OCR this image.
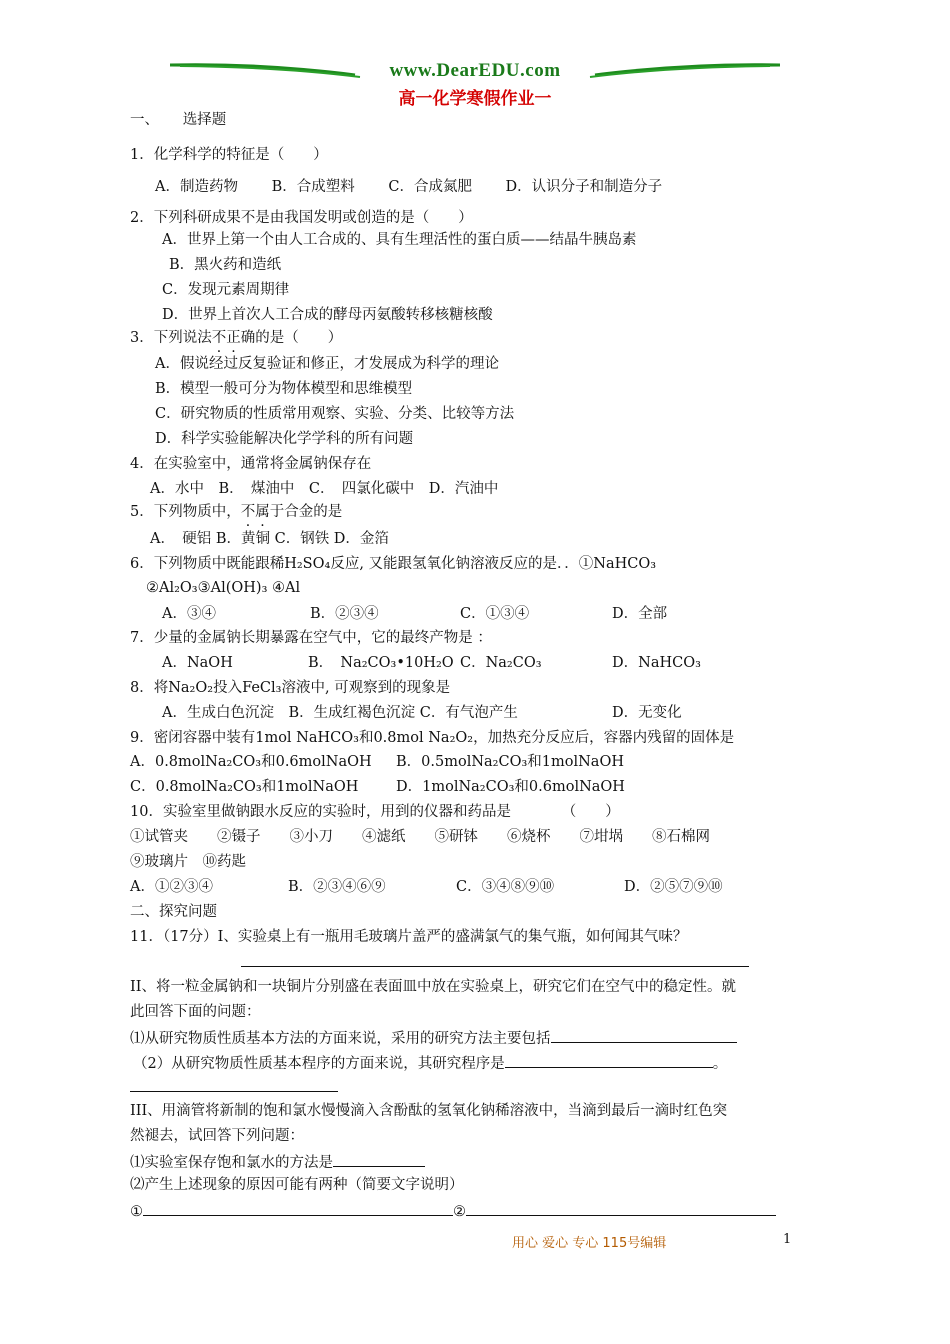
www.DearEDU.com
高一化学寒假作业一
一、 　 选择题
1．化学科学的特征是（　　）
A．制造药物　　 B．合成塑料　　 C．合成氮肥　　 D．认识分子和制造分子
2．下列科研成果不是由我国发明或创造的是（　　）
A．世界上第一个由人工合成的、具有生理活性的蛋白质——结晶牛胰岛素
B．黑火药和造纸
C．发现元素周期律
D．世界上首次人工合成的酵母丙氨酸转移核糖核酸
3．下列说法不正确的是（　　）
A．假说经过反复验证和修正，才发展成为科学的理论
B．模型一般可分为物体模型和思维模型
C．研究物质的性质常用观察、实验、分类、比较等方法
D．科学实验能解决化学学科的所有问题
4．在实验室中，通常将金属钠保存在
A．水中　B．　煤油中　C．　四氯化碳中　D．汽油中
5．下列物质中，不属于合金的是
A．　硬铝 B．黄铜 C．钢铁 D．金箔
6．下列物质中既能跟稀H₂SO₄反应, 又能跟氢氧化钠溶液反应的是．．①NaHCO₃
②Al₂O₃③Al(OH)₃ ④Al
A．③④	B．②③④	C．①③④	D．全部
7．少量的金属钠长期暴露在空气中，它的最终产物是 ：
A．NaOH	B．　Na₂CO₃•10H₂O C．Na₂CO₃	D．NaHCO₃
8．将Na₂O₂投入FeCl₃溶液中, 可观察到的现象是
A．生成白色沉淀　B．生成红褐色沉淀 C．有气泡产生	D．无变化
9．密闭容器中装有1mol NaHCO₃和0.8mol Na₂O₂，加热充分反应后，容器内残留的固体是
A．0.8molNa₂CO₃和0.6molNaOH B．0.5molNa₂CO₃和1molNaOH
C．0.8molNa₂CO₃和1molNaOH	D．1molNa₂CO₃和0.6molNaOH
10．实验室里做钠跟水反应的实验时，用到的仪器和药品是　　　　（　　）
①试管夹　　②镊子　　③小刀　　④滤纸　　⑤研钵　　⑥烧杯　　⑦坩埚　　⑧石棉网
⑨玻璃片　⑩药匙
A．①②③④	B．②③④⑥⑨	C．③④⑧⑨⑩	D．②⑤⑦⑨⑩
二、探究问题
11．（17分）I、实验桌上有一瓶用毛玻璃片盖严的盛满氯气的集气瓶，如何闻其气味？
II、将一粒金属钠和一块铜片分别盛在表面皿中放在实验桌上，研究它们在空气中的稳定性。就
此回答下面的问题：
⑴从研究物质性质基本方法的方面来说，采用的研究方法主要包括
（2）从研究物质性质基本程序的方面来说，其研究程序是	。
III、用滴管将新制的饱和氯水慢慢滴入含酚酞的氢氧化钠稀溶液中，当滴到最后一滴时红色突
然褪去，试回答下列问题：
⑴实验室保存饱和氯水的方法是
⑵产生上述现象的原因可能有两种（简要文字说明）
①	②
用心 爱心 专心 115号编辑	1
